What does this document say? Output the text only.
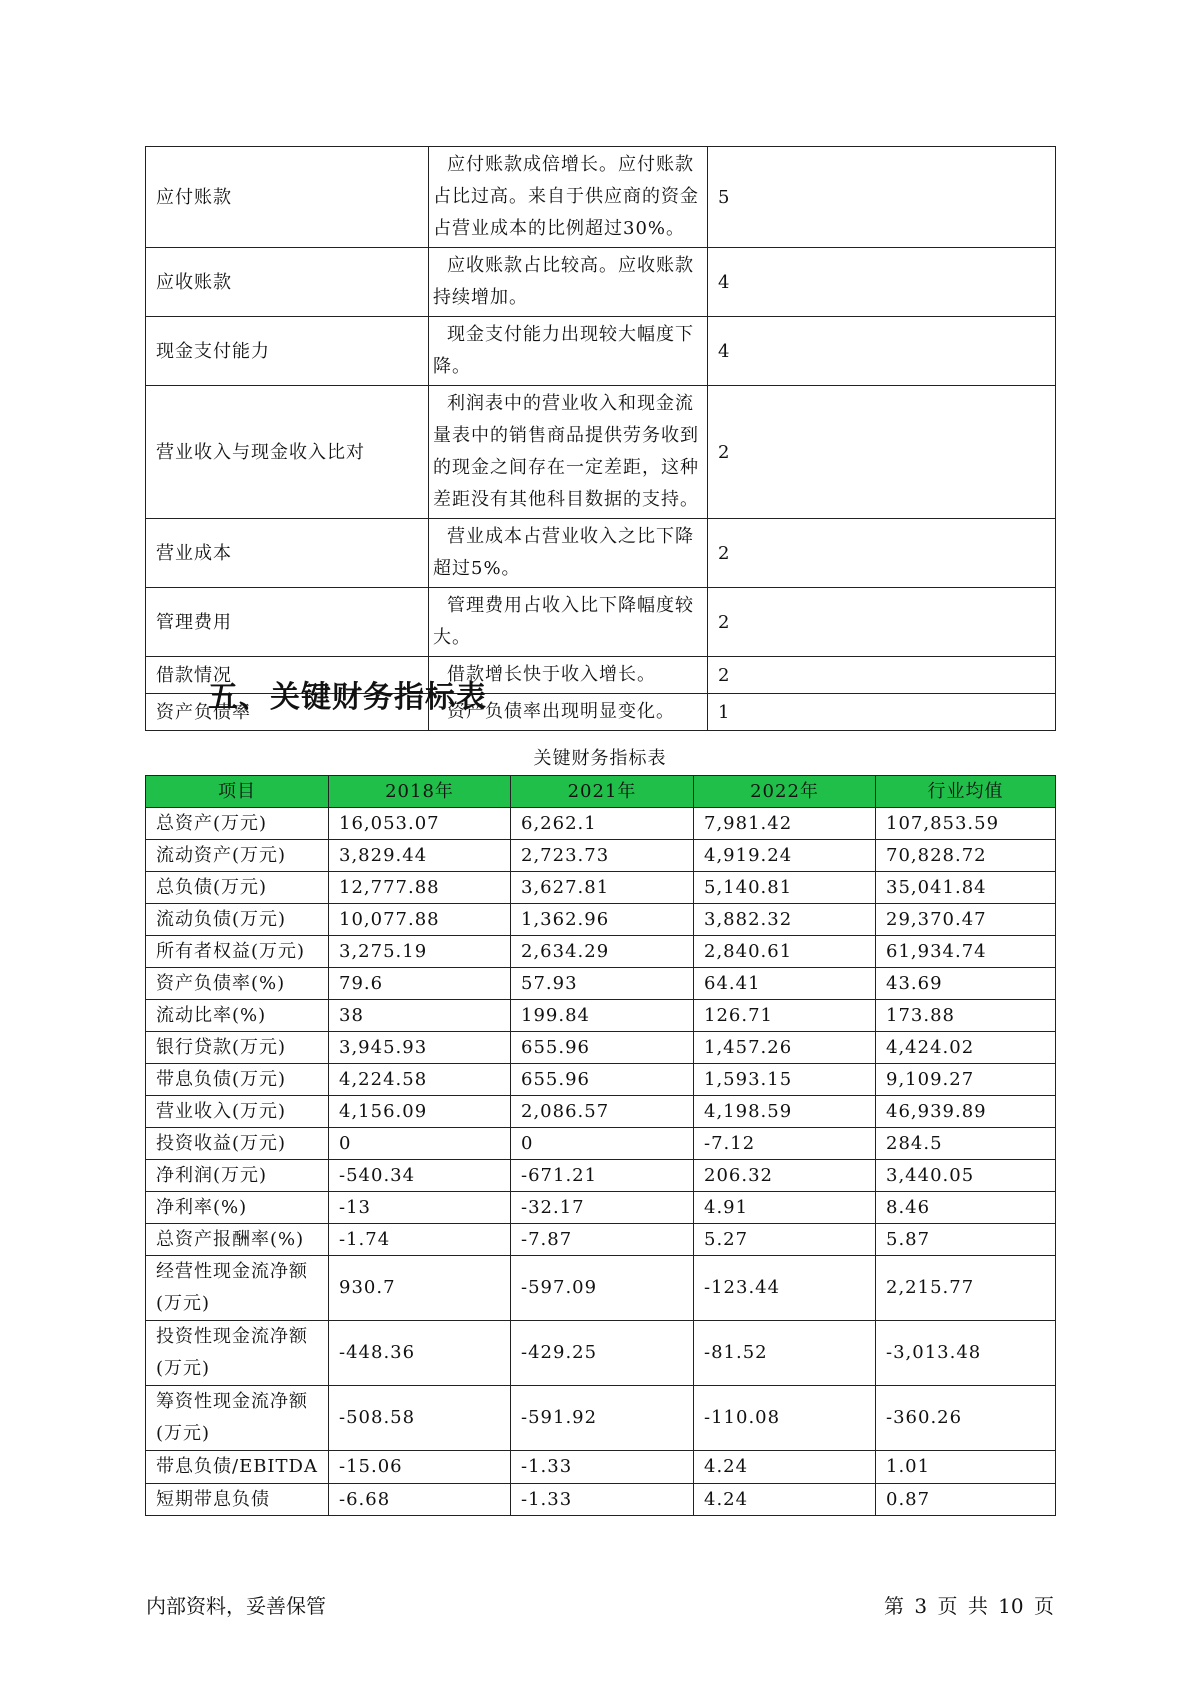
应付账款	应付账款成倍增长。应付账款占比过高。来自于供应商的资金占营业成本的比例超过30%。	5
应收账款	应收账款占比较高。应收账款持续增加。	4
现金支付能力	现金支付能力出现较大幅度下降。	4
营业收入与现金收入比对	利润表中的营业收入和现金流量表中的销售商品提供劳务收到的现金之间存在一定差距，这种差距没有其他科目数据的支持。	2
营业成本	营业成本占营业收入之比下降超过5%。	2
管理费用	管理费用占收入比下降幅度较大。	2
借款情况	借款增长快于收入增长。	2
资产负债率	资产负债率出现明显变化。	1
五、关键财务指标表
关键财务指标表
项目	2018年	2021年	2022年	行业均值
总资产(万元)	16,053.07	6,262.1	7,981.42	107,853.59
流动资产(万元)	3,829.44	2,723.73	4,919.24	70,828.72
总负债(万元)	12,777.88	3,627.81	5,140.81	35,041.84
流动负债(万元)	10,077.88	1,362.96	3,882.32	29,370.47
所有者权益(万元)	3,275.19	2,634.29	2,840.61	61,934.74
资产负债率(%)	79.6	57.93	64.41	43.69
流动比率(%)	38	199.84	126.71	173.88
银行贷款(万元)	3,945.93	655.96	1,457.26	4,424.02
带息负债(万元)	4,224.58	655.96	1,593.15	9,109.27
营业收入(万元)	4,156.09	2,086.57	4,198.59	46,939.89
投资收益(万元)	0	0	-7.12	284.5
净利润(万元)	-540.34	-671.21	206.32	3,440.05
净利率(%)	-13	-32.17	4.91	8.46
总资产报酬率(%)	-1.74	-7.87	5.27	5.87
经营性现金流净额(万元)	930.7	-597.09	-123.44	2,215.77
投资性现金流净额(万元)	-448.36	-429.25	-81.52	-3,013.48
筹资性现金流净额(万元)	-508.58	-591.92	-110.08	-360.26
带息负债/EBITDA	-15.06	-1.33	4.24	1.01
短期带息负债	-6.68	-1.33	4.24	0.87
内部资料，妥善保管	第 3 页 共 10 页
